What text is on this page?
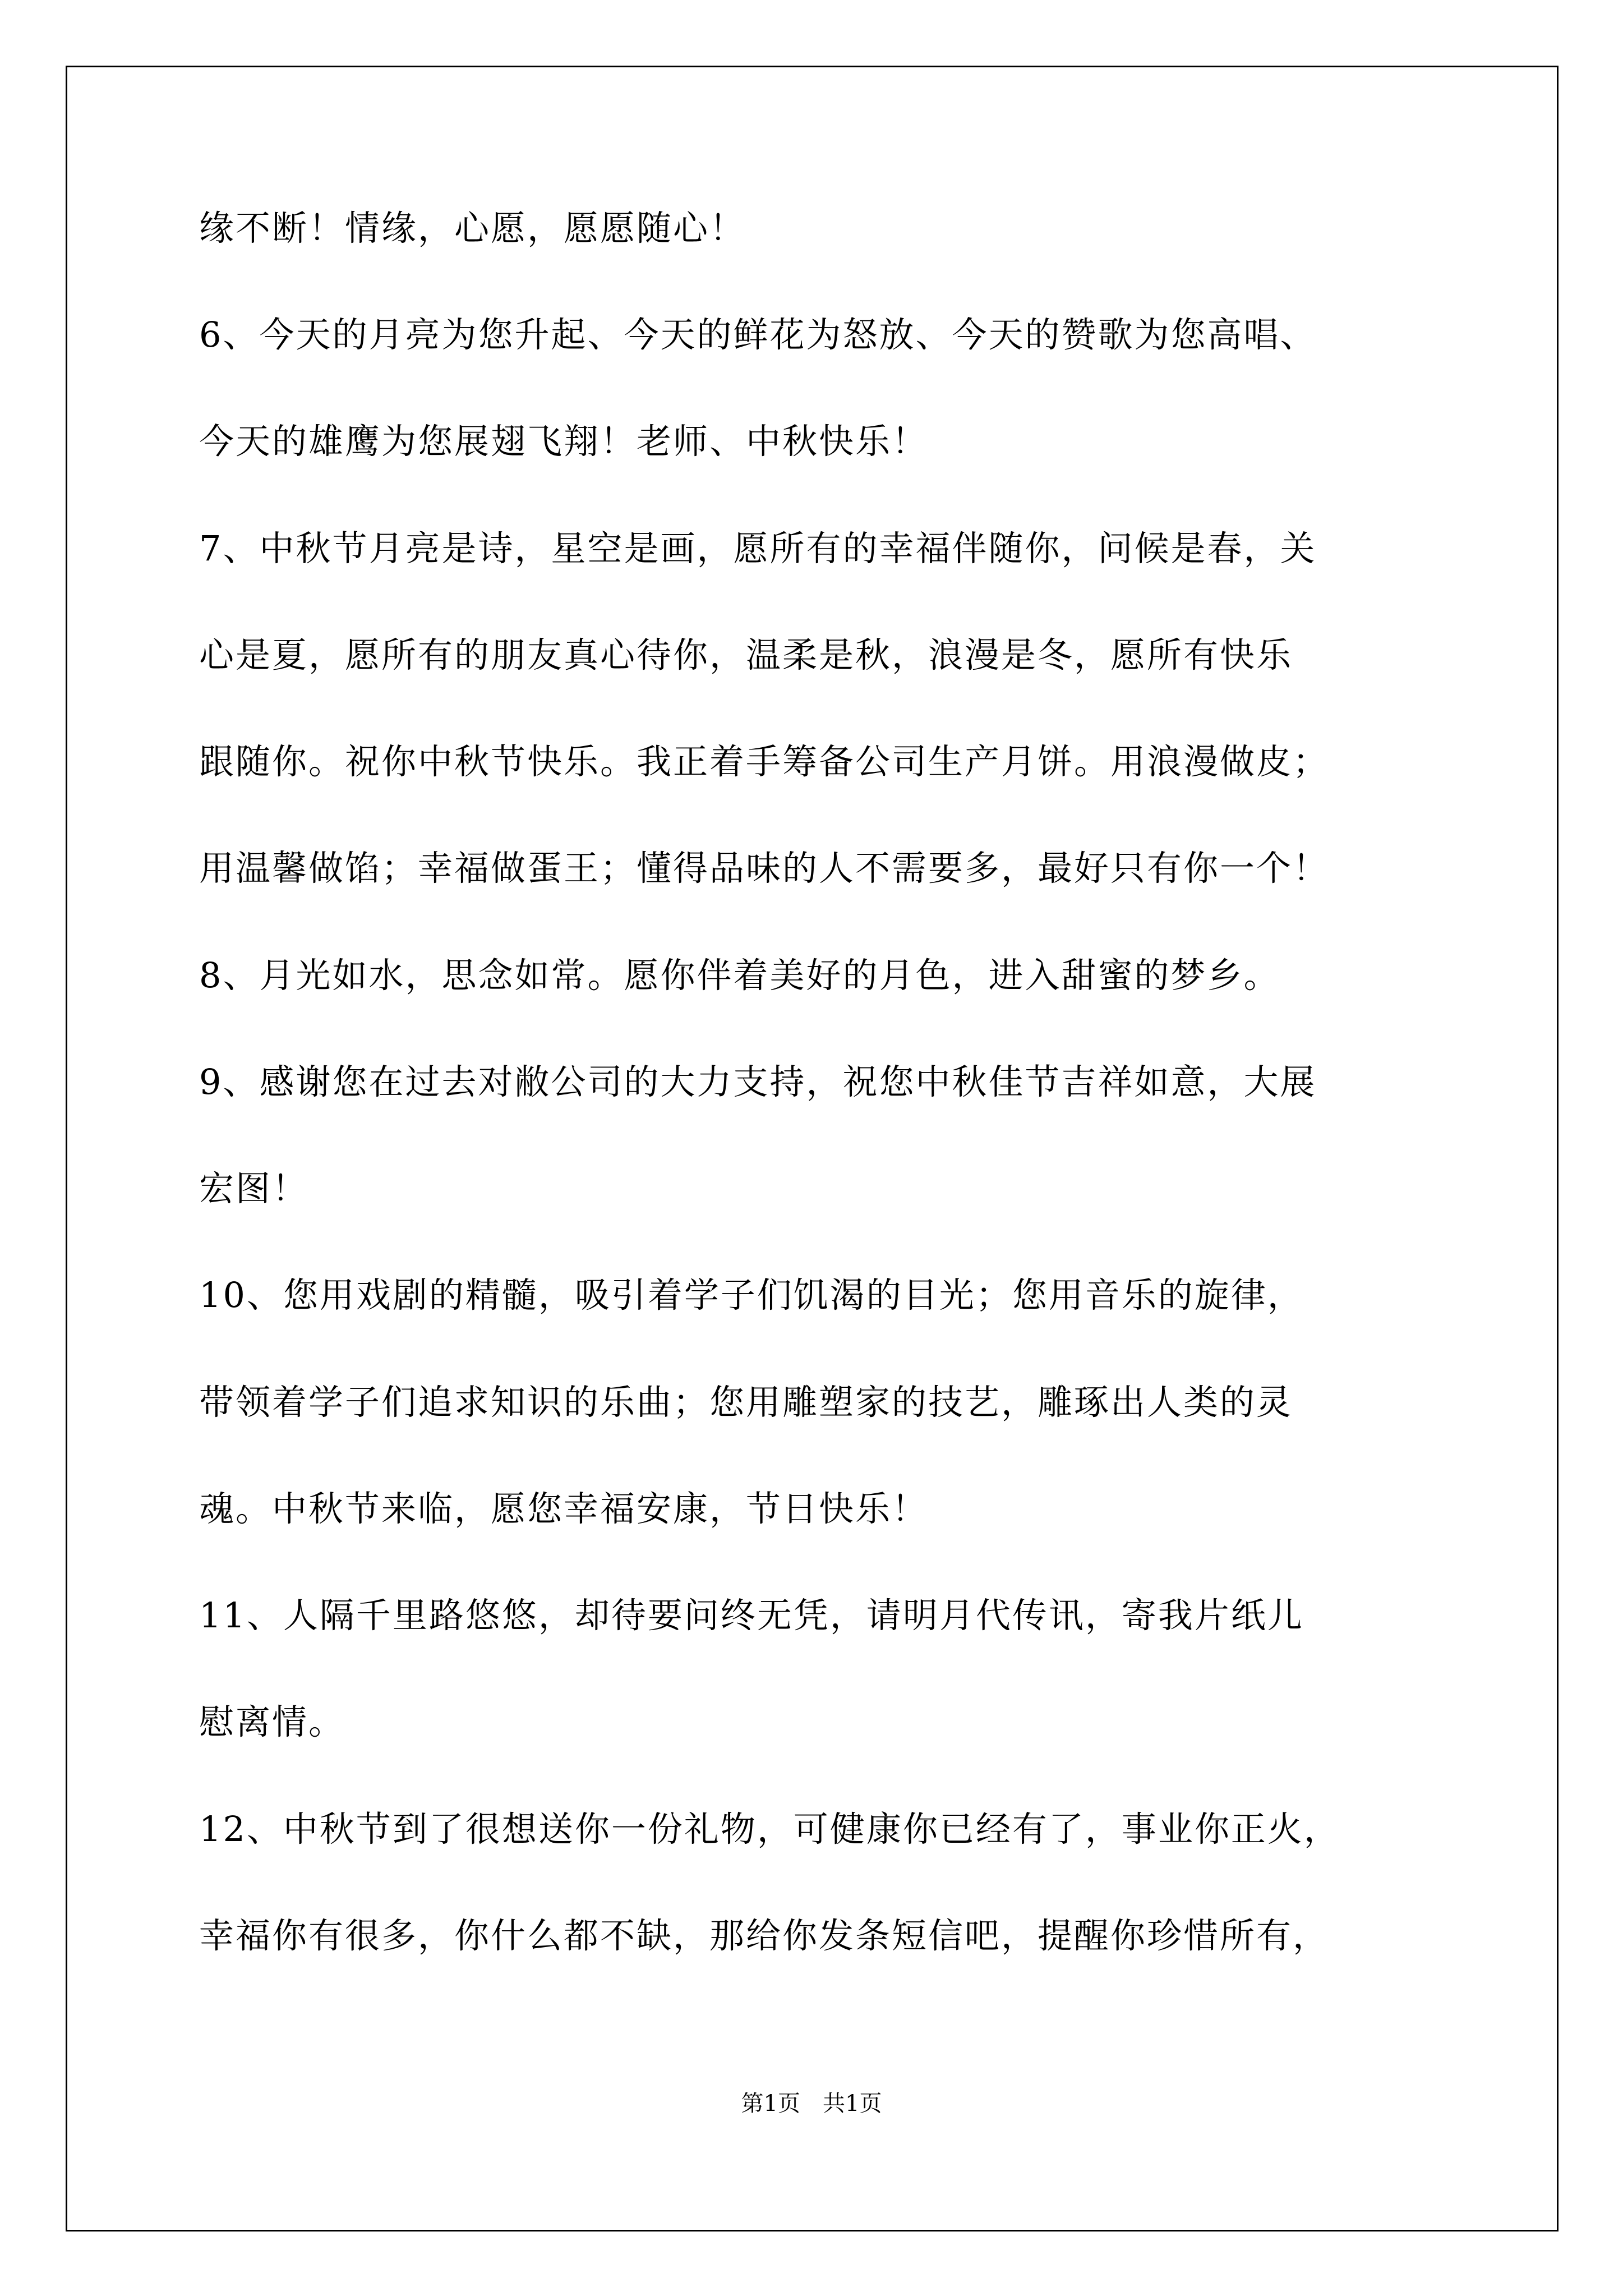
缘不断！情缘，心愿，愿愿随心！
6、今天的月亮为您升起、今天的鲜花为怒放、今天的赞歌为您高唱、
今天的雄鹰为您展翅飞翔！老师、中秋快乐！
7、中秋节月亮是诗，星空是画，愿所有的幸福伴随你，问候是春，关
心是夏，愿所有的朋友真心待你，温柔是秋，浪漫是冬，愿所有快乐
跟随你。祝你中秋节快乐。我正着手筹备公司生产月饼。用浪漫做皮；
用温馨做馅；幸福做蛋王；懂得品味的人不需要多，最好只有你一个！
8、月光如水，思念如常。愿你伴着美好的月色，进入甜蜜的梦乡。
9、感谢您在过去对敝公司的大力支持，祝您中秋佳节吉祥如意，大展
宏图！
10、您用戏剧的精髓，吸引着学子们饥渴的目光；您用音乐的旋律，
带领着学子们追求知识的乐曲；您用雕塑家的技艺，雕琢出人类的灵
魂。中秋节来临，愿您幸福安康，节日快乐！
11、人隔千里路悠悠，却待要问终无凭，请明月代传讯，寄我片纸儿
慰离情。
12、中秋节到了很想送你一份礼物，可健康你已经有了，事业你正火，
幸福你有很多，你什么都不缺，那给你发条短信吧，提醒你珍惜所有，
第1页　共1页
